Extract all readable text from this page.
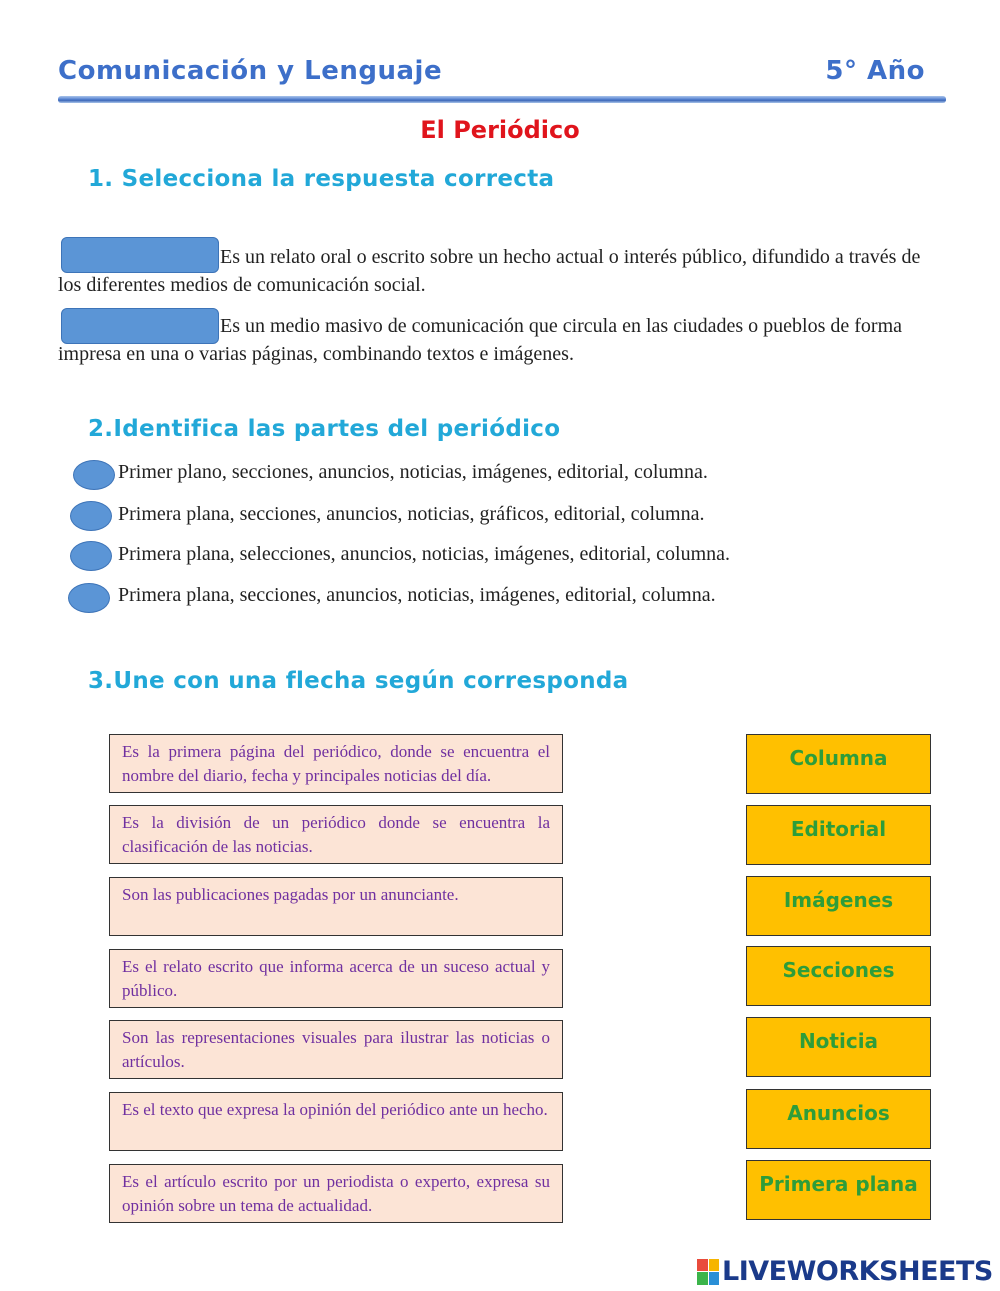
Comunicación y Lenguaje	5° Año
El Periódico
1. Selecciona la respuesta correcta
Es un relato oral o escrito sobre un hecho actual o interés público, difundido a través de los diferentes medios de comunicación social.
Es un medio masivo de comunicación que circula en las ciudades o pueblos de forma impresa en una o varias páginas, combinando textos e imágenes.
2.Identifica las partes del periódico
Primer plano, secciones, anuncios, noticias, imágenes, editorial, columna.
Primera plana, secciones, anuncios, noticias, gráficos, editorial, columna.
Primera plana, selecciones, anuncios, noticias, imágenes, editorial, columna.
Primera plana, secciones, anuncios, noticias, imágenes, editorial, columna.
3.Une con una flecha según corresponda
Es la primera página del periódico, donde se encuentra el nombre del diario, fecha y principales noticias del día.
Es la división de un periódico donde se encuentra la clasificación de las noticias.
Son las publicaciones pagadas por un anunciante.
Es el relato escrito que informa acerca de un suceso actual y público.
Son las representaciones visuales para ilustrar las noticias o artículos.
Es el texto que expresa la opinión del periódico ante un hecho.
Es el artículo escrito por un periodista o experto, expresa su opinión sobre un tema de actualidad.
Columna
Editorial
Imágenes
Secciones
Noticia
Anuncios
Primera plana
LIVEWORKSHEETS
